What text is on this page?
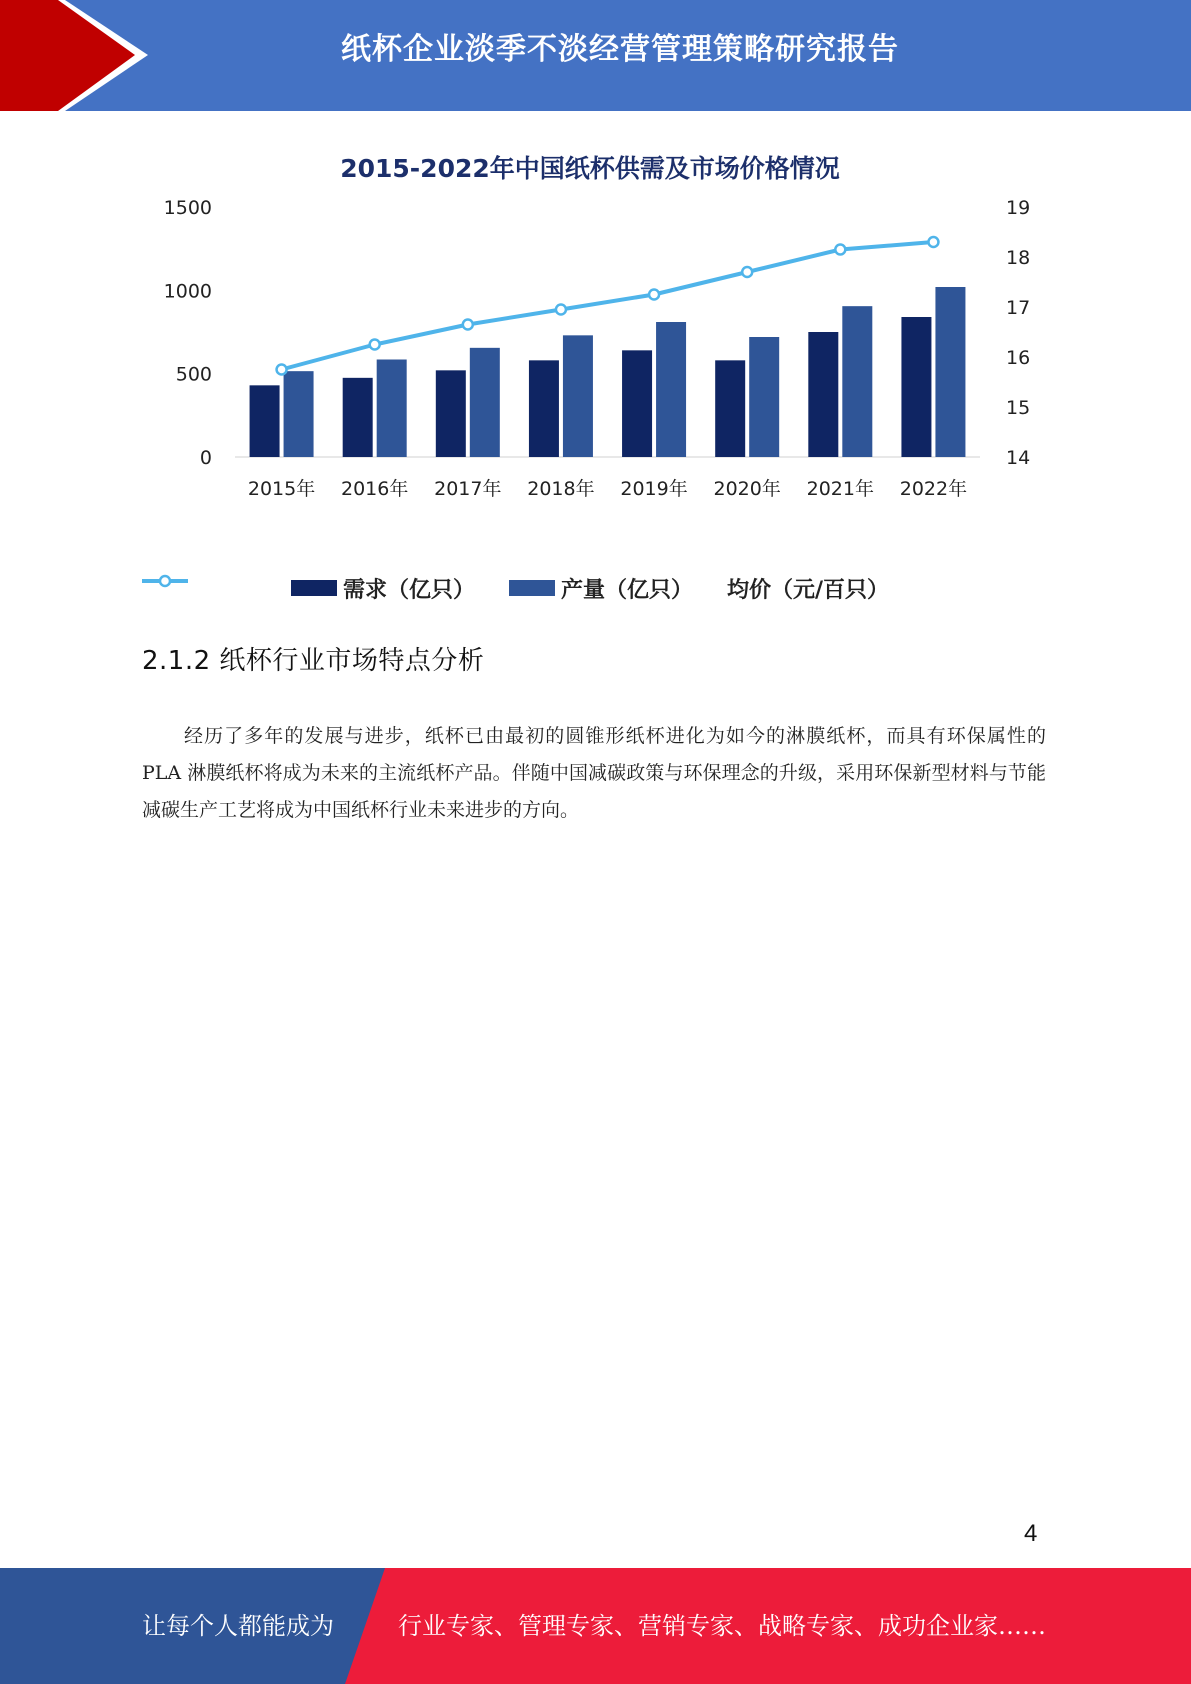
纸杯企业淡季不淡经营管理策略研究报告
2015-2022年中国纸杯供需及市场价格情况
0
500
1000
1500
14
15
16
17
18
19
2015年 2016年 2017年 2018年 2019年 2020年 2021年 2022年
需求（亿只）	产量（亿只） 均价（元/百只）
2.1.2 纸杯行业市场特点分析

经历了多年的发展与进步，纸杯已由最初的圆锥形纸杯进化为如今的淋膜纸杯，而具有环保属性的 PLA 淋膜纸杯将成为未来的主流纸杯产品。伴随中国减碳政策与环保理念的升级，采用环保新型材料与节能减碳生产工艺将成为中国纸杯行业未来进步的方向。

4
让每个人都能成为	行业专家、管理专家、营销专家、战略专家、成功企业家……
